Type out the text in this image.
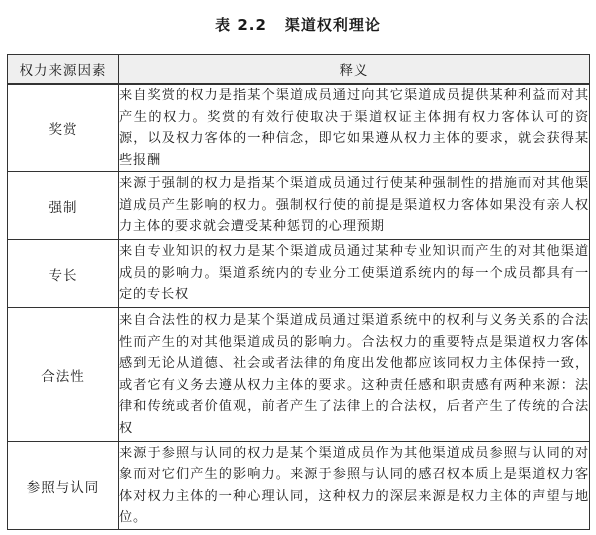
表 2.2 渠道权利理论
权力来源因素	释义
奖赏	来自奖赏的权力是指某个渠道成员通过向其它渠道成员提供某种利益而对其产生的权力。奖赏的有效行使取决于渠道权证主体拥有权力客体认可的资源，以及权力客体的一种信念，即它如果遵从权力主体的要求，就会获得某些报酬
强制	来源于强制的权力是指某个渠道成员通过行使某种强制性的措施而对其他渠道成员产生影响的权力。强制权行使的前提是渠道权力客体如果没有亲人权力主体的要求就会遭受某种惩罚的心理预期
专长	来自专业知识的权力是某个渠道成员通过某种专业知识而产生的对其他渠道成员的影响力。渠道系统内的专业分工使渠道系统内的每一个成员都具有一定的专长权
合法性	来自合法性的权力是某个渠道成员通过渠道系统中的权利与义务关系的合法性而产生的对其他渠道成员的影响力。合法权力的重要特点是渠道权力客体感到无论从道德、社会或者法律的角度出发他都应该同权力主体保持一致，或者它有义务去遵从权力主体的要求。这种责任感和职责感有两种来源：法律和传统或者价值观，前者产生了法律上的合法权，后者产生了传统的合法权
参照与认同	来源于参照与认同的权力是某个渠道成员作为其他渠道成员参照与认同的对象而对它们产生的影响力。来源于参照与认同的感召权本质上是渠道权力客体对权力主体的一种心理认同，这种权力的深层来源是权力主体的声望与地位。
